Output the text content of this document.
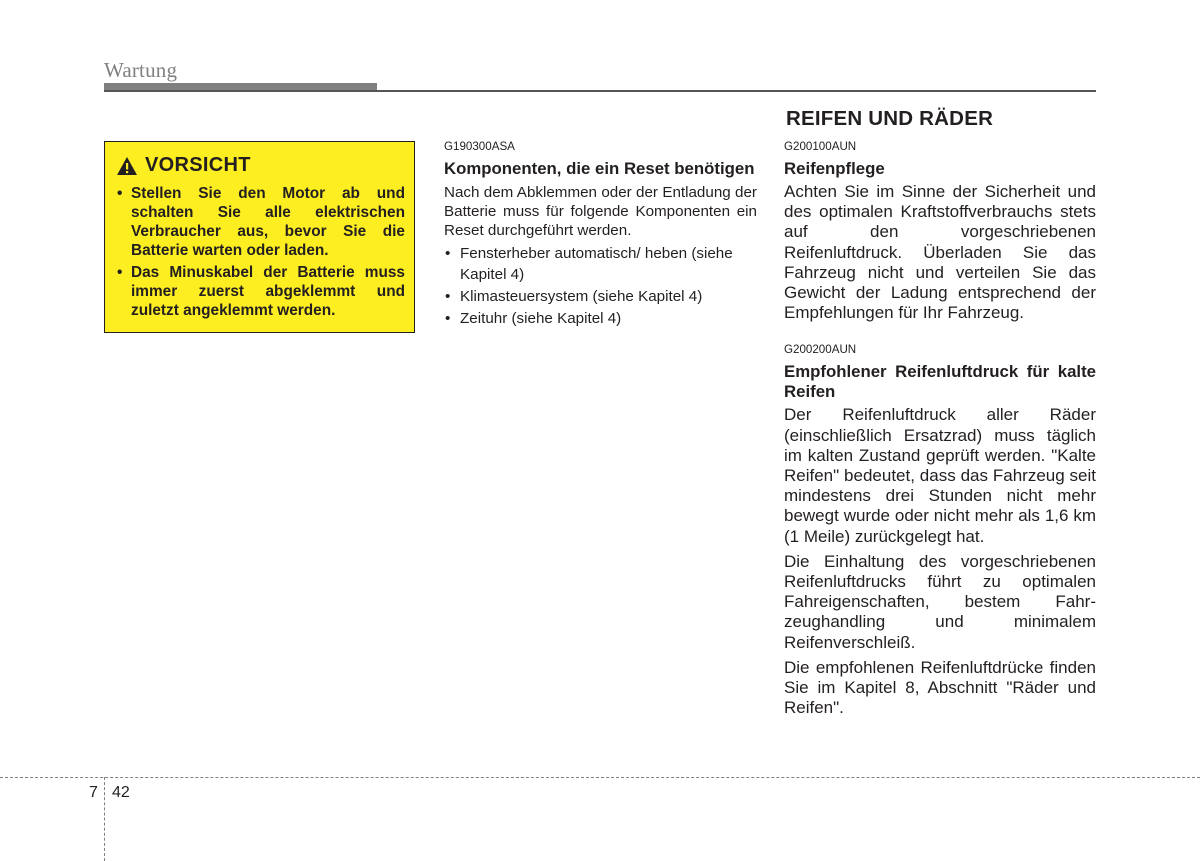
Wartung
VORSICHT
• Stellen Sie den Motor ab und schalten Sie alle elektrischen Verbraucher aus, bevor Sie die Batterie warten oder laden.
• Das Minuskabel der Batterie muss immer zuerst abgeklemmt und zuletzt angeklemmt werden.
G190300ASA
Komponenten, die ein Reset benötigen
Nach dem Abklemmen oder der Entladung der Batterie muss für folgende Komponenten ein Reset durchgeführt werden.
• Fensterheber automatisch/ heben (siehe Kapitel 4)
• Klimasteuersystem (siehe Kapitel 4)
• Zeituhr (siehe Kapitel 4)
REIFEN UND RÄDER
G200100AUN
Reifenpflege

Achten Sie im Sinne der Sicherheit und des optimalen Kraftstoffverbrauchs stets auf den vorgeschriebenen Reifenluftdruck. Überladen Sie das Fahrzeug nicht und verteilen Sie das Gewicht der Ladung entsprechend der Empfehlungen für Ihr Fahrzeug.

G200200AUN
Empfohlener Reifenluftdruck für kalte Reifen

Der Reifenluftdruck aller Räder (einschließlich Ersatzrad) muss täglich im kalten Zustand geprüft werden. "Kalte Reifen" bedeutet, dass das Fahrzeug seit mindestens drei Stunden nicht mehr bewegt wurde oder nicht mehr als 1,6 km (1 Meile) zurückgelegt hat.

Die Einhaltung des vorgeschriebenen Reifenluftdrucks führt zu optimalen Fahreigenschaften, bestem Fahr-zeughandling und minimalem Reifenverschleiß.

Die empfohlenen Reifenluftdrücke finden Sie im Kapitel 8, Abschnitt "Räder und Reifen".

7 42
